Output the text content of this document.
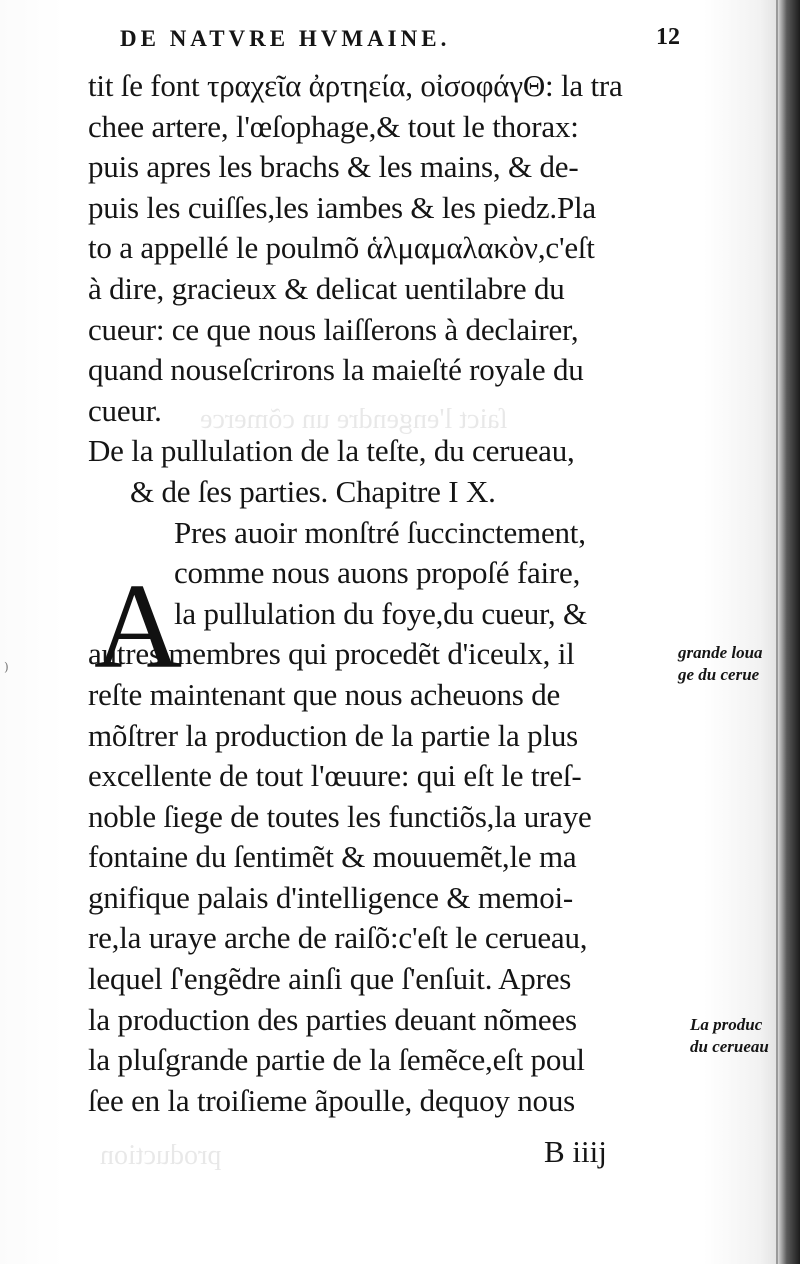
)
ſaict l'engendre un cõmerce
production
DE NATVRE HVMAINE.	12
tit ſe font τραχεῖα ἀρτηεία, οἰσοφάγΘ: la tra
chee artere, l'œſophage,& tout le thorax:
puis apres les brachs & les mains, & de-
puis les cuiſſes,les iambes & les piedz.Pla
to a appellé le poulmõ ἁλμαμαλακὸν,c'eſt
à dire, gracieux & delicat uentilabre du
cueur: ce que nous laiſſerons à declairer,
quand nouseſcrirons la maieſté royale du
cueur.
De la pullulation de la teſte, du cerueau,
& de ſes parties. Chapitre I X.
Pres auoir monſtré ſuccinctement,
comme nous auons propoſé faire,
la pullulation du foye,du cueur, &
autres membres qui procedẽt d'iceulx, il
reſte maintenant que nous acheuons de
mõſtrer la production de la partie la plus
excellente de tout l'œuure: qui eſt le treſ-
noble ſiege de toutes les functiõs,la uraye
fontaine du ſentimẽt & mouuemẽt,le ma
gnifique palais d'intelligence & memoi-
re,la uraye arche de raiſõ:c'eſt le cerueau,
lequel ſ'engẽdre ainſi que ſ'enſuit. Apres
la production des parties deuant nõmees
la pluſgrande partie de la ſemẽce,eſt poul
ſee en la troiſieme ãpoulle, dequoy nous
A	grande loua
ge du cerue
La produc
du cerueau
B iiij
